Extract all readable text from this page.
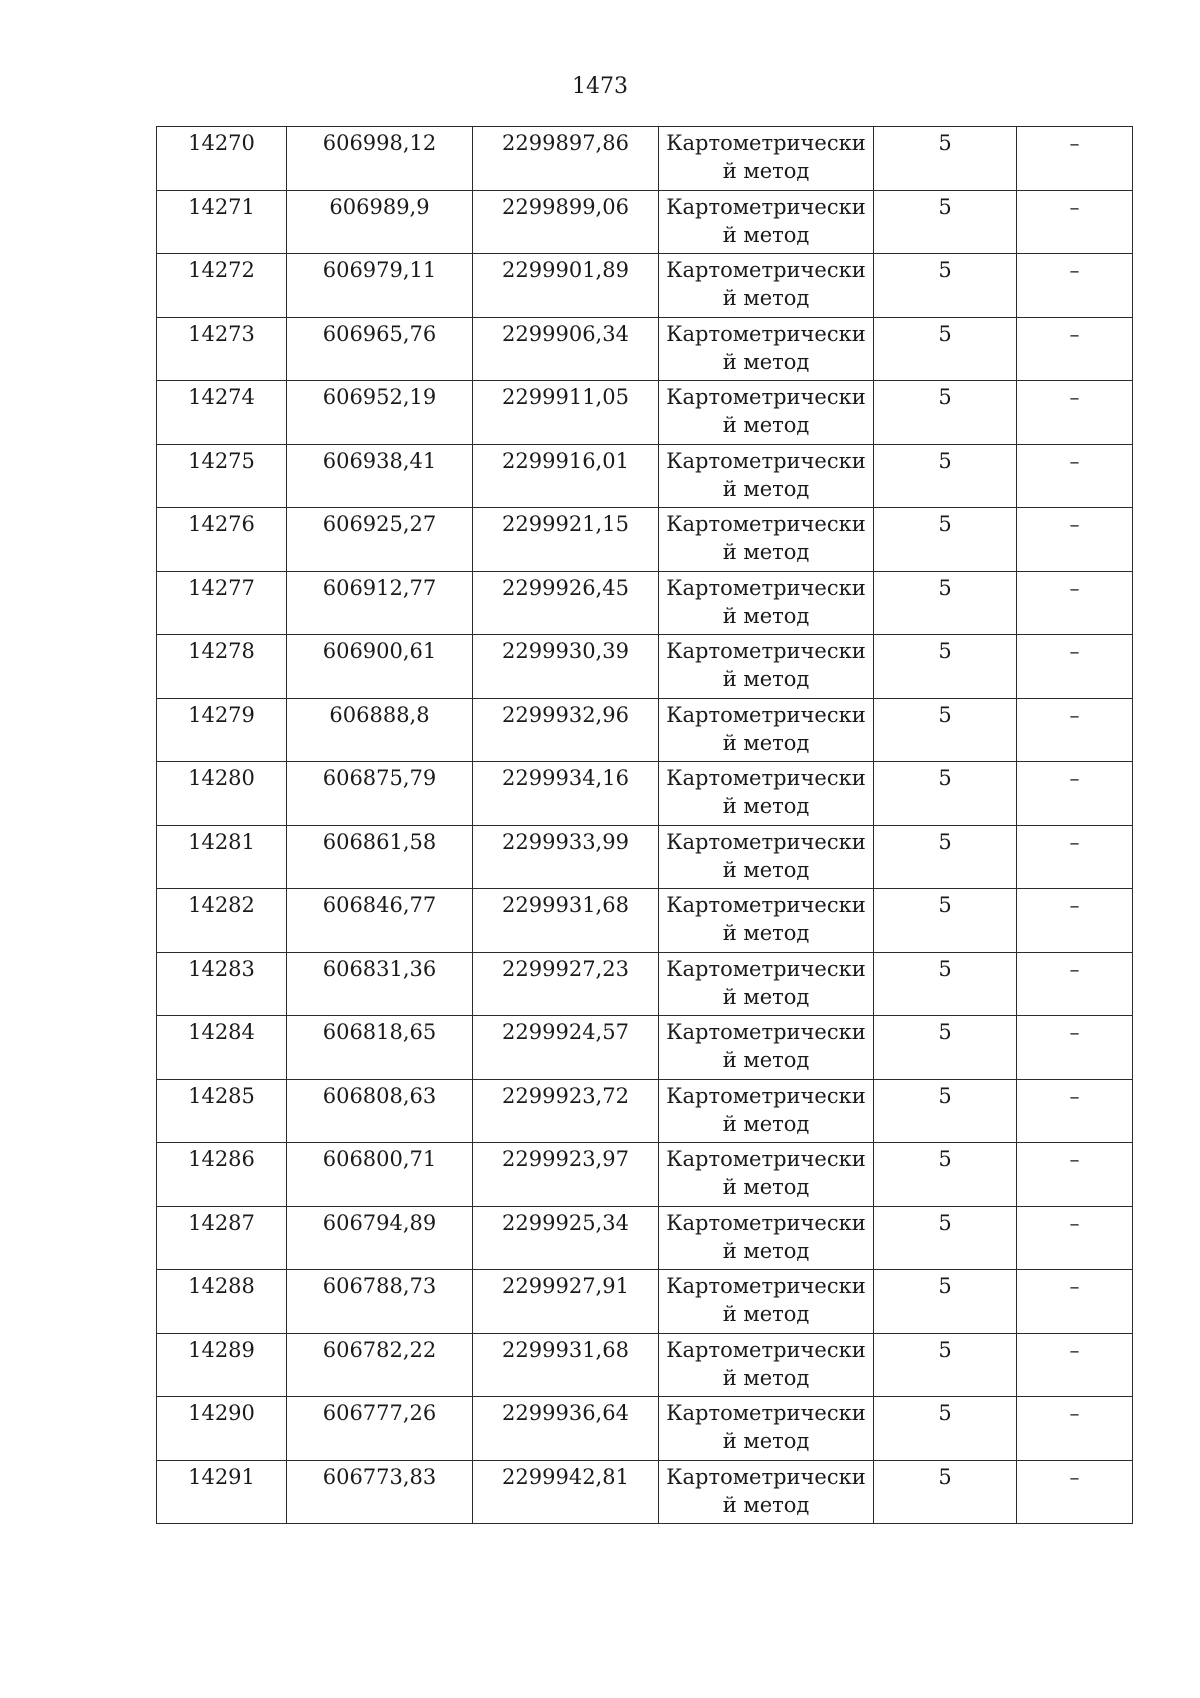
1473
14270	606998,12	2299897,86	Картометрический метод	5	–
14271	606989,9	2299899,06	Картометрический метод	5	–
14272	606979,11	2299901,89	Картометрический метод	5	–
14273	606965,76	2299906,34	Картометрический метод	5	–
14274	606952,19	2299911,05	Картометрический метод	5	–
14275	606938,41	2299916,01	Картометрический метод	5	–
14276	606925,27	2299921,15	Картометрический метод	5	–
14277	606912,77	2299926,45	Картометрический метод	5	–
14278	606900,61	2299930,39	Картометрический метод	5	–
14279	606888,8	2299932,96	Картометрический метод	5	–
14280	606875,79	2299934,16	Картометрический метод	5	–
14281	606861,58	2299933,99	Картометрический метод	5	–
14282	606846,77	2299931,68	Картометрический метод	5	–
14283	606831,36	2299927,23	Картометрический метод	5	–
14284	606818,65	2299924,57	Картометрический метод	5	–
14285	606808,63	2299923,72	Картометрический метод	5	–
14286	606800,71	2299923,97	Картометрический метод	5	–
14287	606794,89	2299925,34	Картометрический метод	5	–
14288	606788,73	2299927,91	Картометрический метод	5	–
14289	606782,22	2299931,68	Картометрический метод	5	–
14290	606777,26	2299936,64	Картометрический метод	5	–
14291	606773,83	2299942,81	Картометрический метод	5	–
